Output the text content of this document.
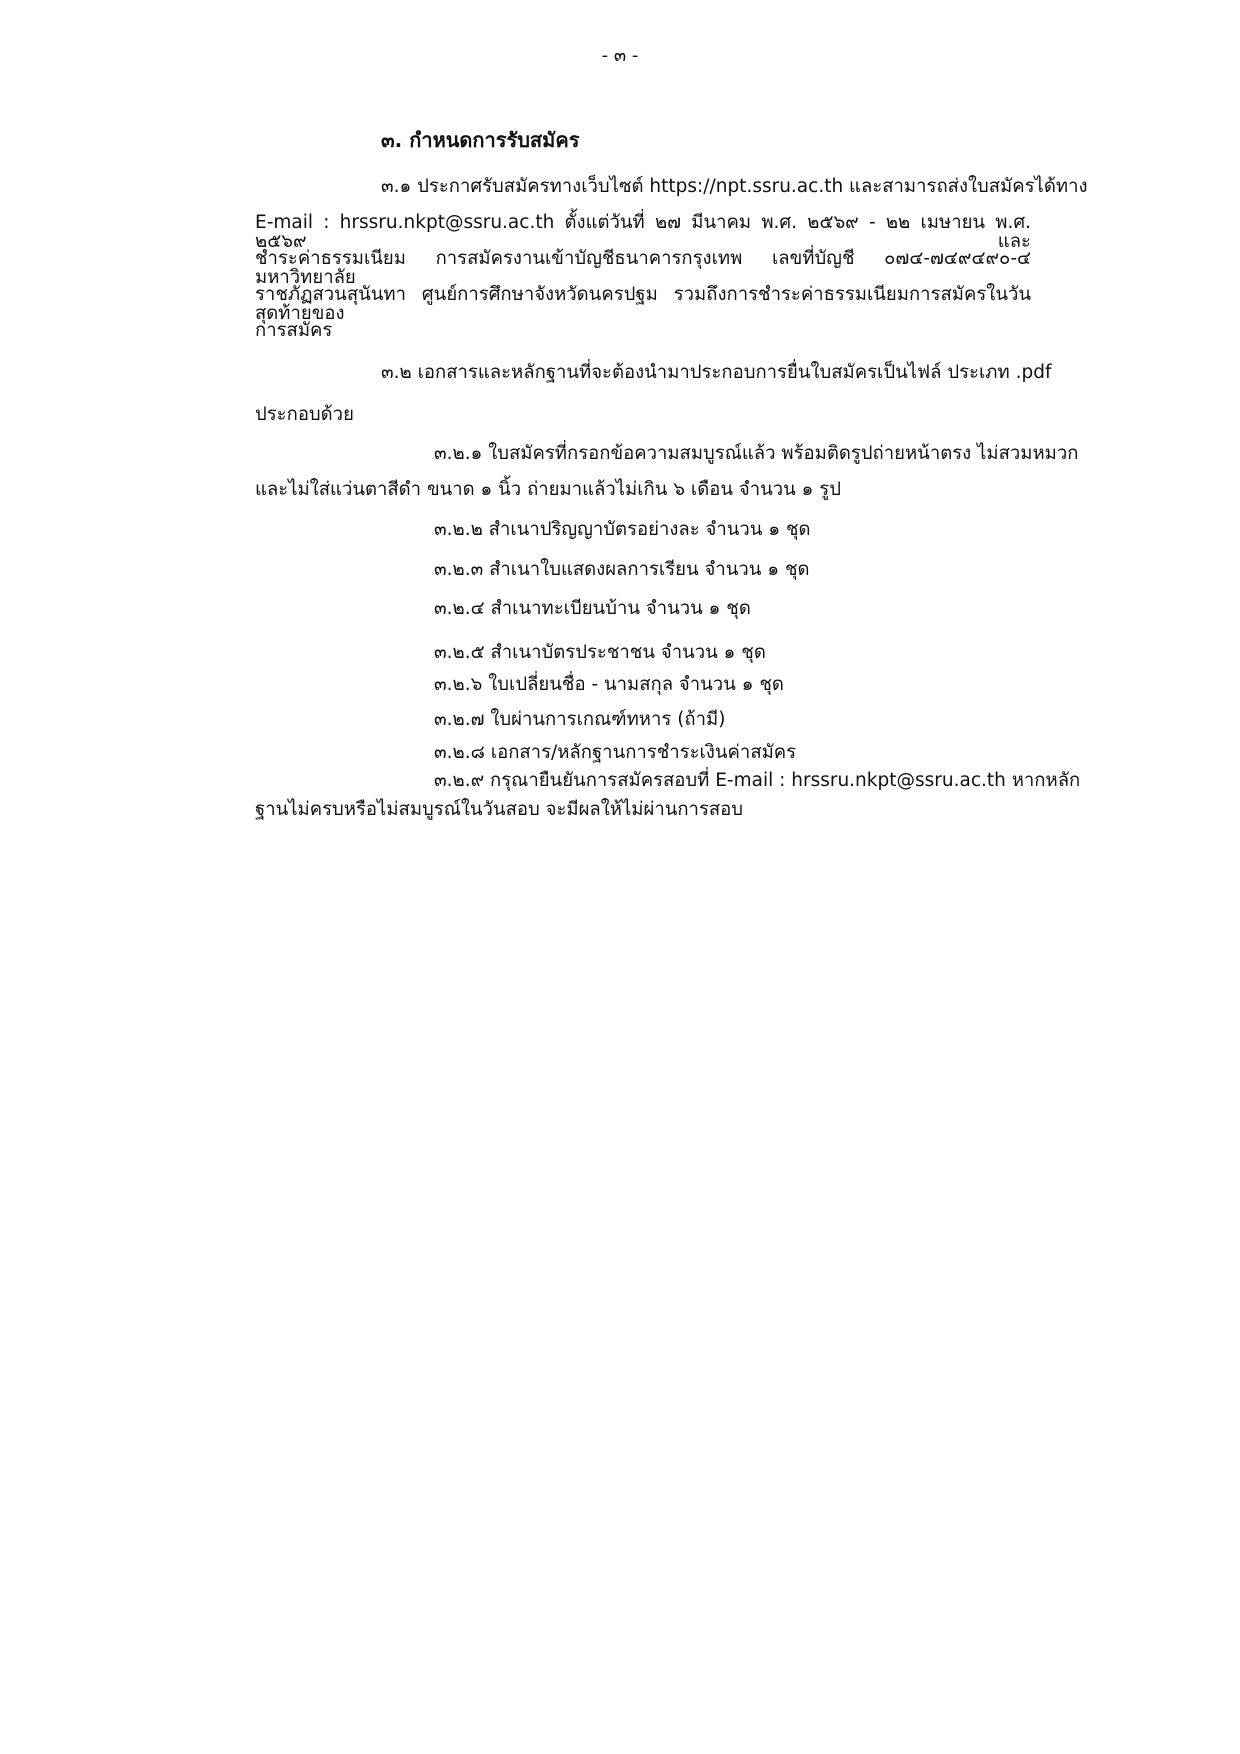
- ๓ -
๓. กำหนดการรับสมัคร
๓.๑ ประกาศรับสมัครทางเว็บไซต์ https://npt.ssru.ac.th และสามารถส่งใบสมัครได้ทาง
E-mail : hrssru.nkpt@ssru.ac.th ตั้งแต่วันที่ ๒๗ มีนาคม พ.ศ. ๒๕๖๙ - ๒๒ เมษายน พ.ศ. ๒๕๖๙ และ
ชำระค่าธรรมเนียม การสมัครงานเข้าบัญชีธนาคารกรุงเทพ เลขที่บัญชี ๐๗๔-๗๔๙๔๙๐-๔ มหาวิทยาลัย
ราชภัฏสวนสุนันทา ศูนย์การศึกษาจังหวัดนครปฐม รวมถึงการชำระค่าธรรมเนียมการสมัครในวันสุดท้ายของ
การสมัคร
๓.๒ เอกสารและหลักฐานที่จะต้องนำมาประกอบการยื่นใบสมัครเป็นไฟล์ ประเภท .pdf
ประกอบด้วย
๓.๒.๑ ใบสมัครที่กรอกข้อความสมบูรณ์แล้ว พร้อมติดรูปถ่ายหน้าตรง ไม่สวมหมวก
และไม่ใส่แว่นตาสีดำ ขนาด ๑ นิ้ว ถ่ายมาแล้วไม่เกิน ๖ เดือน จำนวน ๑ รูป
๓.๒.๒ สำเนาปริญญาบัตรอย่างละ จำนวน ๑ ชุด
๓.๒.๓ สำเนาใบแสดงผลการเรียน จำนวน ๑ ชุด
๓.๒.๔ สำเนาทะเบียนบ้าน จำนวน ๑ ชุด
๓.๒.๕ สำเนาบัตรประชาชน จำนวน ๑ ชุด
๓.๒.๖ ใบเปลี่ยนชื่อ - นามสกุล จำนวน ๑ ชุด
๓.๒.๗ ใบผ่านการเกณฑ์ทหาร (ถ้ามี)
๓.๒.๘ เอกสาร/หลักฐานการชำระเงินค่าสมัคร
๓.๒.๙ กรุณายืนยันการสมัครสอบที่ E-mail : hrssru.nkpt@ssru.ac.th หากหลัก
ฐานไม่ครบหรือไม่สมบูรณ์ในวันสอบ จะมีผลให้ไม่ผ่านการสอบ
